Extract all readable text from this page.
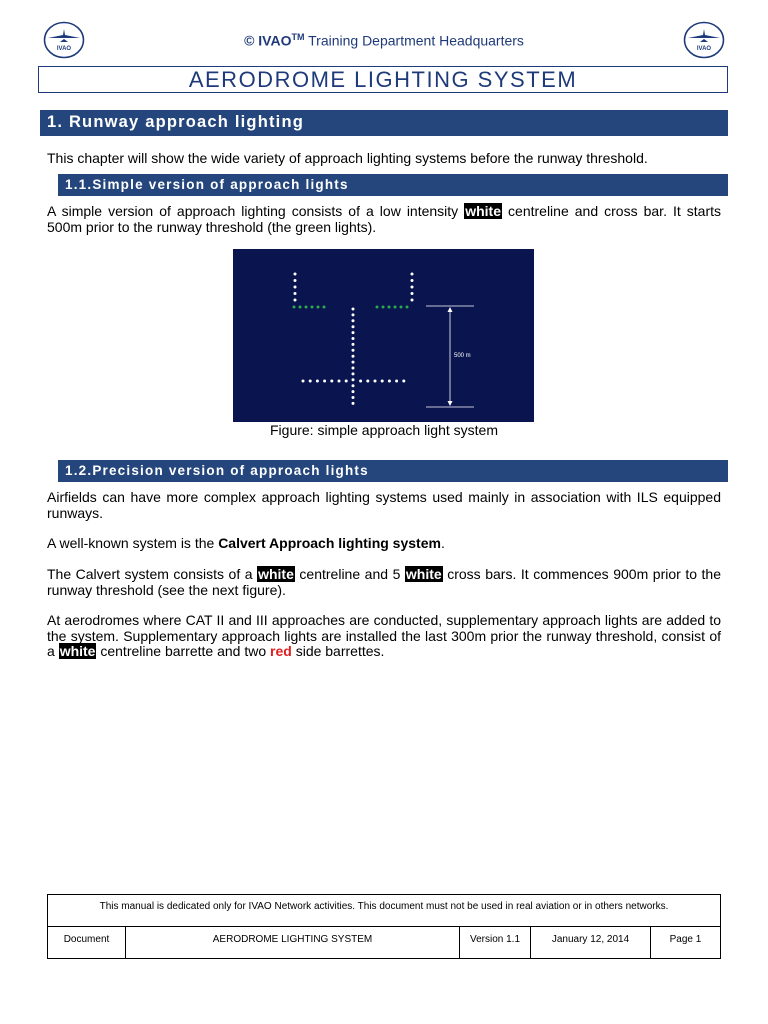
IVAO	IVAO
© IVAO™ Training Department Headquarters
AERODROME LIGHTING SYSTEM
1. Runway approach lighting

This chapter will show the wide variety of approach lighting systems before the runway threshold.

1.1.Simple version of approach lights

A simple version of approach lighting consists of a low intensity white centreline and cross bar. It starts 500m prior to the runway threshold (the green lights).

500 m
Figure: simple approach light system
1.2.Precision version of approach lights

Airfields can have more complex approach lighting systems used mainly in association with ILS equipped runways.

A well-known system is the Calvert Approach lighting system.

The Calvert system consists of a white centreline and 5 white cross bars. It commences 900m prior to the runway threshold (see the next figure).

At aerodromes where CAT II and III approaches are conducted, supplementary approach lights are added to the system. Supplementary approach lights are installed the last 300m prior the runway threshold, consist of a white centreline barrette and two red side barrettes.

This manual is dedicated only for IVAO Network activities. This document must not be used in real aviation or in others networks.
Document	AERODROME LIGHTING SYSTEM	Version 1.1	January 12, 2014	Page 1
